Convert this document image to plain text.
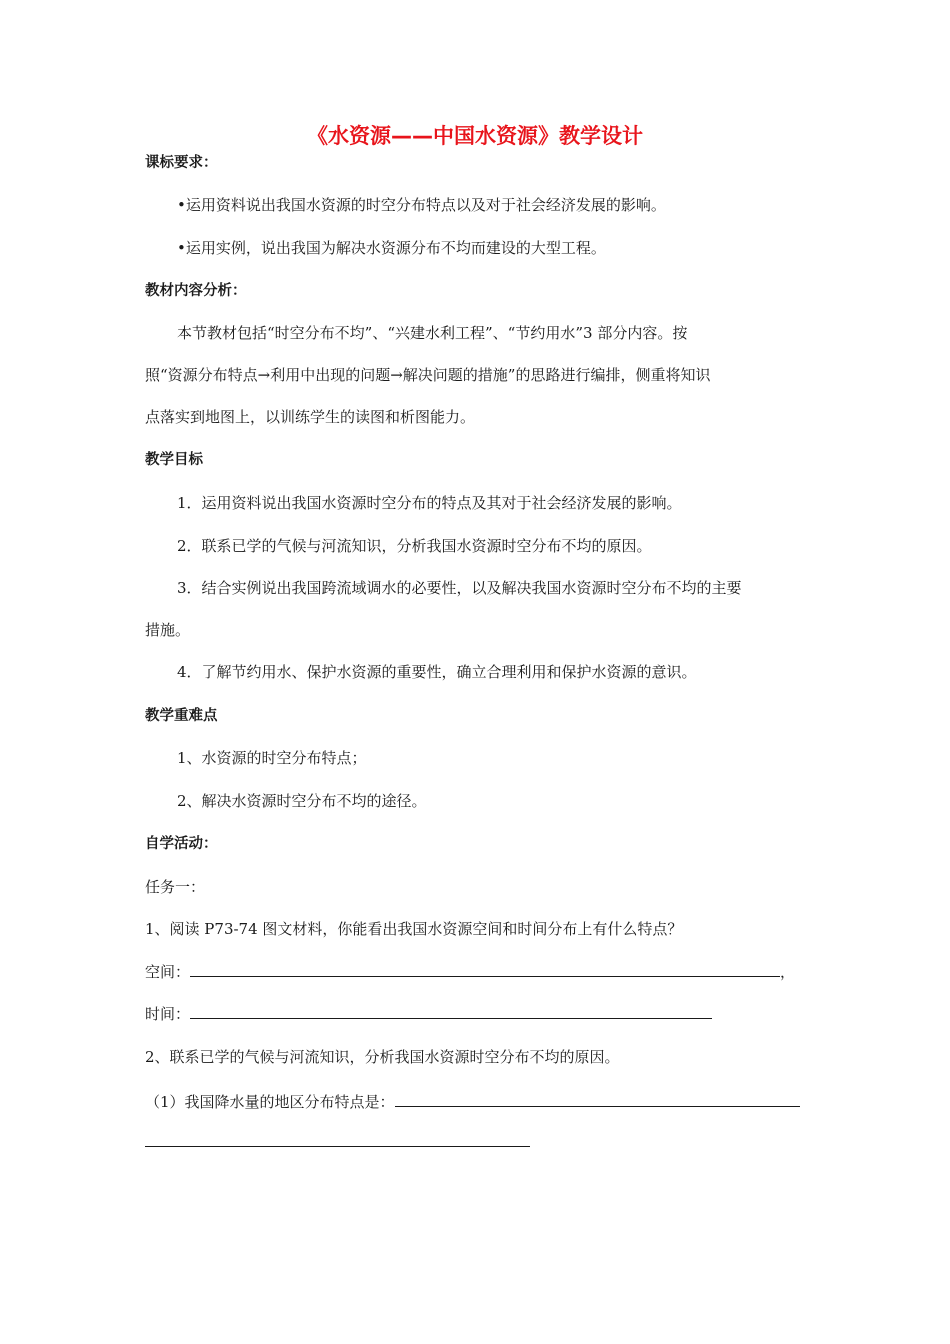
《水资源——中国水资源》教学设计
课标要求：
•运用资料说出我国水资源的时空分布特点以及对于社会经济发展的影响。
•运用实例，说出我国为解决水资源分布不均而建设的大型工程。
教材内容分析：
本节教材包括“时空分布不均”、“兴建水利工程”、“节约用水”3 部分内容。按
照“资源分布特点→利用中出现的问题→解决问题的措施”的思路进行编排，侧重将知识
点落实到地图上，以训练学生的读图和析图能力。
教学目标
1．运用资料说出我国水资源时空分布的特点及其对于社会经济发展的影响。
2．联系已学的气候与河流知识，分析我国水资源时空分布不均的原因。
3．结合实例说出我国跨流域调水的必要性，以及解决我国水资源时空分布不均的主要
措施。
4．了解节约用水、保护水资源的重要性，确立合理利用和保护水资源的意识。
教学重难点
1、水资源的时空分布特点；
2、解决水资源时空分布不均的途径。
自学活动：
任务一：
1、阅读 P73-74 图文材料，你能看出我国水资源空间和时间分布上有什么特点？
空间：	，
时间：
2、联系已学的气候与河流知识，分析我国水资源时空分布不均的原因。
（1）我国降水量的地区分布特点是：
